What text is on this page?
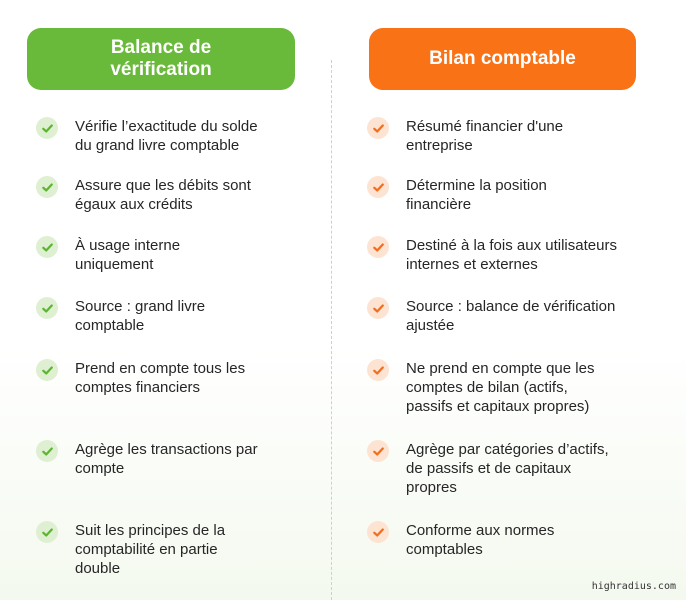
Balance de
vérification
Bilan comptable
Vérifie l’exactitude du solde
du grand livre comptable
Assure que les débits sont
égaux aux crédits
À usage interne
uniquement
Source : grand livre
comptable
Prend en compte tous les
comptes financiers
Agrège les transactions par
compte
Suit les principes de la
comptabilité en partie
double
Résumé financier d'une
entreprise
Détermine la position
financière
Destiné à la fois aux utilisateurs
internes et externes
Source : balance de vérification
ajustée
Ne prend en compte que les
comptes de bilan (actifs,
passifs et capitaux propres)
Agrège par catégories d’actifs,
de passifs et de capitaux
propres
Conforme aux normes
comptables
highradius.com
